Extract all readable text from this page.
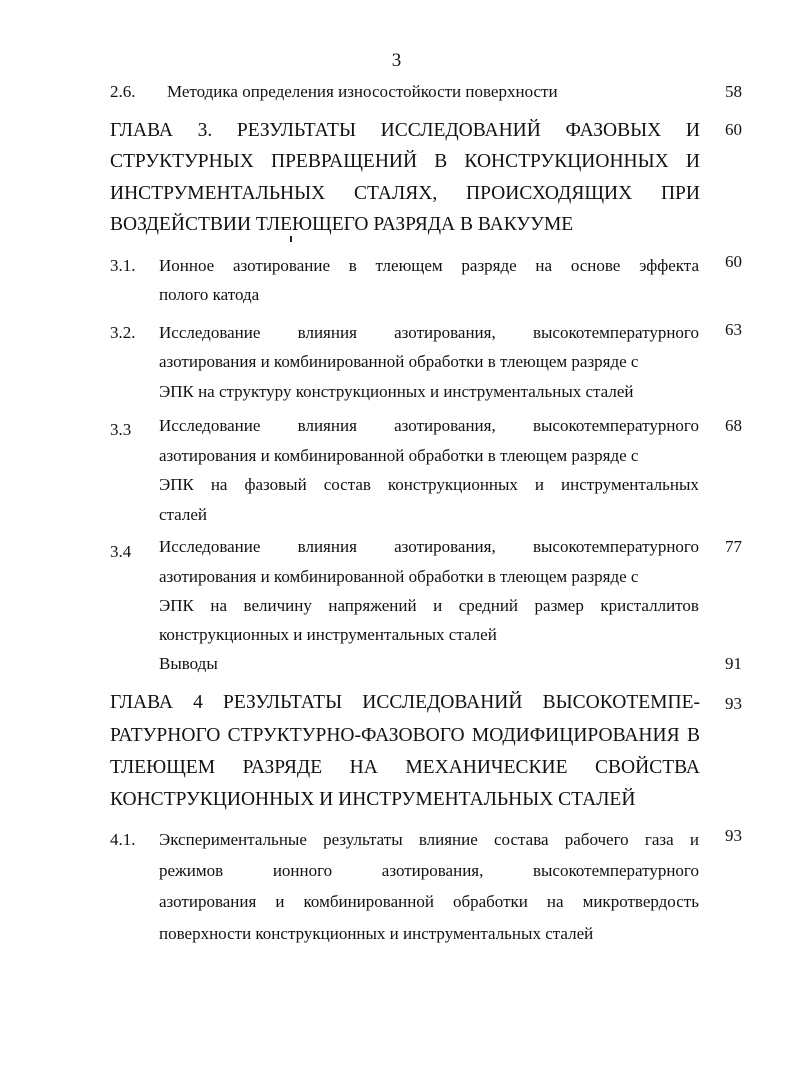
3
2.6. Методика определения износостойкости поверхности	58
ГЛАВА 3. РЕЗУЛЬТАТЫ ИССЛЕДОВАНИЙ ФАЗОВЫХ И	60
СТРУКТУРНЫХ ПРЕВРАЩЕНИЙ В КОНСТРУКЦИОННЫХ И
ИНСТРУМЕНТАЛЬНЫХ СТАЛЯХ, ПРОИСХОДЯЩИХ ПРИ
ВОЗДЕЙСТВИИ ТЛЕЮЩЕГО РАЗРЯДА В ВАКУУМЕ
3.1. Ионное азотирование в тлеющем разряде на основе эффекта	60
полого катода
3.2. Исследование влияния азотирования, высокотемпературного	63
азотирования и комбинированной обработки в тлеющем разряде с
ЭПК на структуру конструкционных и инструментальных сталей
3.3 Исследование влияния азотирования, высокотемпературного	68
азотирования и комбинированной обработки в тлеющем разряде с
ЭПК на фазовый состав конструкционных и инструментальных
сталей
3.4 Исследование влияния азотирования, высокотемпературного	77
азотирования и комбинированной обработки в тлеющем разряде с
ЭПК на величину напряжений и средний размер кристаллитов
конструкционных и инструментальных сталей
Выводы	91
ГЛАВА 4 РЕЗУЛЬТАТЫ ИССЛЕДОВАНИЙ ВЫСОКОТЕМПЕ-	93
РАТУРНОГО СТРУКТУРНО-ФАЗОВОГО МОДИФИЦИРОВАНИЯ В
ТЛЕЮЩЕМ РАЗРЯДЕ НА МЕХАНИЧЕСКИЕ СВОЙСТВА
КОНСТРУКЦИОННЫХ И ИНСТРУМЕНТАЛЬНЫХ СТАЛЕЙ
4.1. Экспериментальные результаты влияние состава рабочего газа и	93
режимов	ионного	азотирования,	высокотемпературного
азотирования и комбинированной обработки на микротвердость
поверхности конструкционных и инструментальных сталей
